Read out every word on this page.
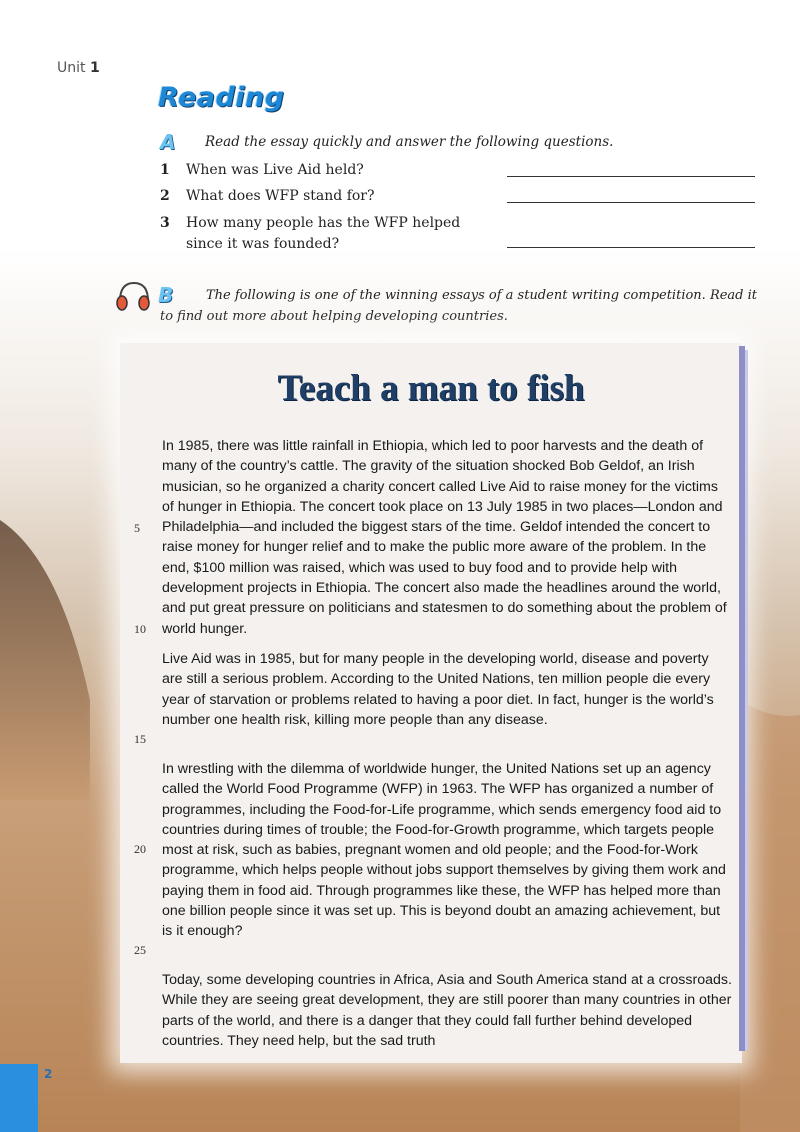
Unit 1
Reading
A Read the essay quickly and answer the following questions.
1 When was Live Aid held?
2 What does WFP stand for?
3 How many people has the WFP helped
since it was founded?
B	The following is one of the winning essays of a student writing competition. Read it to find out more about helping developing countries.
Teach a man to fish
In 1985, there was little rainfall in Ethiopia, which led to poor harvests and the death of many of the country’s cattle. The gravity of the situation shocked Bob Geldof, an Irish musician, so he organized a charity concert called Live Aid to raise money for the victims of hunger in Ethiopia. The concert took place on 13 July 1985 in two places—London and Philadelphia—and included the biggest stars of the time. Geldof intended the concert to raise money for hunger relief and to make the public more aware of the problem. In the end, $100 million was raised, which was used to buy food and to provide help with development projects in Ethiopia. The concert also made the headlines around the world, and put great pressure on politicians and statesmen to do something about the problem of world hunger.
Live Aid was in 1985, but for many people in the developing world, disease and poverty are still a serious problem. According to the United Nations, ten million people die every year of starvation or problems related to having a poor diet. In fact, hunger is the world’s number one health risk, killing more people than any disease.
In wrestling with the dilemma of worldwide hunger, the United Nations set up an agency called the World Food Programme (WFP) in 1963. The WFP has organized a number of programmes, including the Food-for-Life programme, which sends emergency food aid to countries during times of trouble; the Food-for-Growth programme, which targets people most at risk, such as babies, pregnant women and old people; and the Food-for-Work programme, which helps people without jobs support themselves by giving them work and paying them in food aid. Through programmes like these, the WFP has helped more than one billion people since it was set up. This is beyond doubt an amazing achievement, but is it enough?
Today, some developing countries in Africa, Asia and South America stand at a crossroads. While they are seeing great development, they are still poorer than many countries in other parts of the world, and there is a danger that they could fall further behind developed countries. They need help, but the sad truth
5
10
15
20
25
2
